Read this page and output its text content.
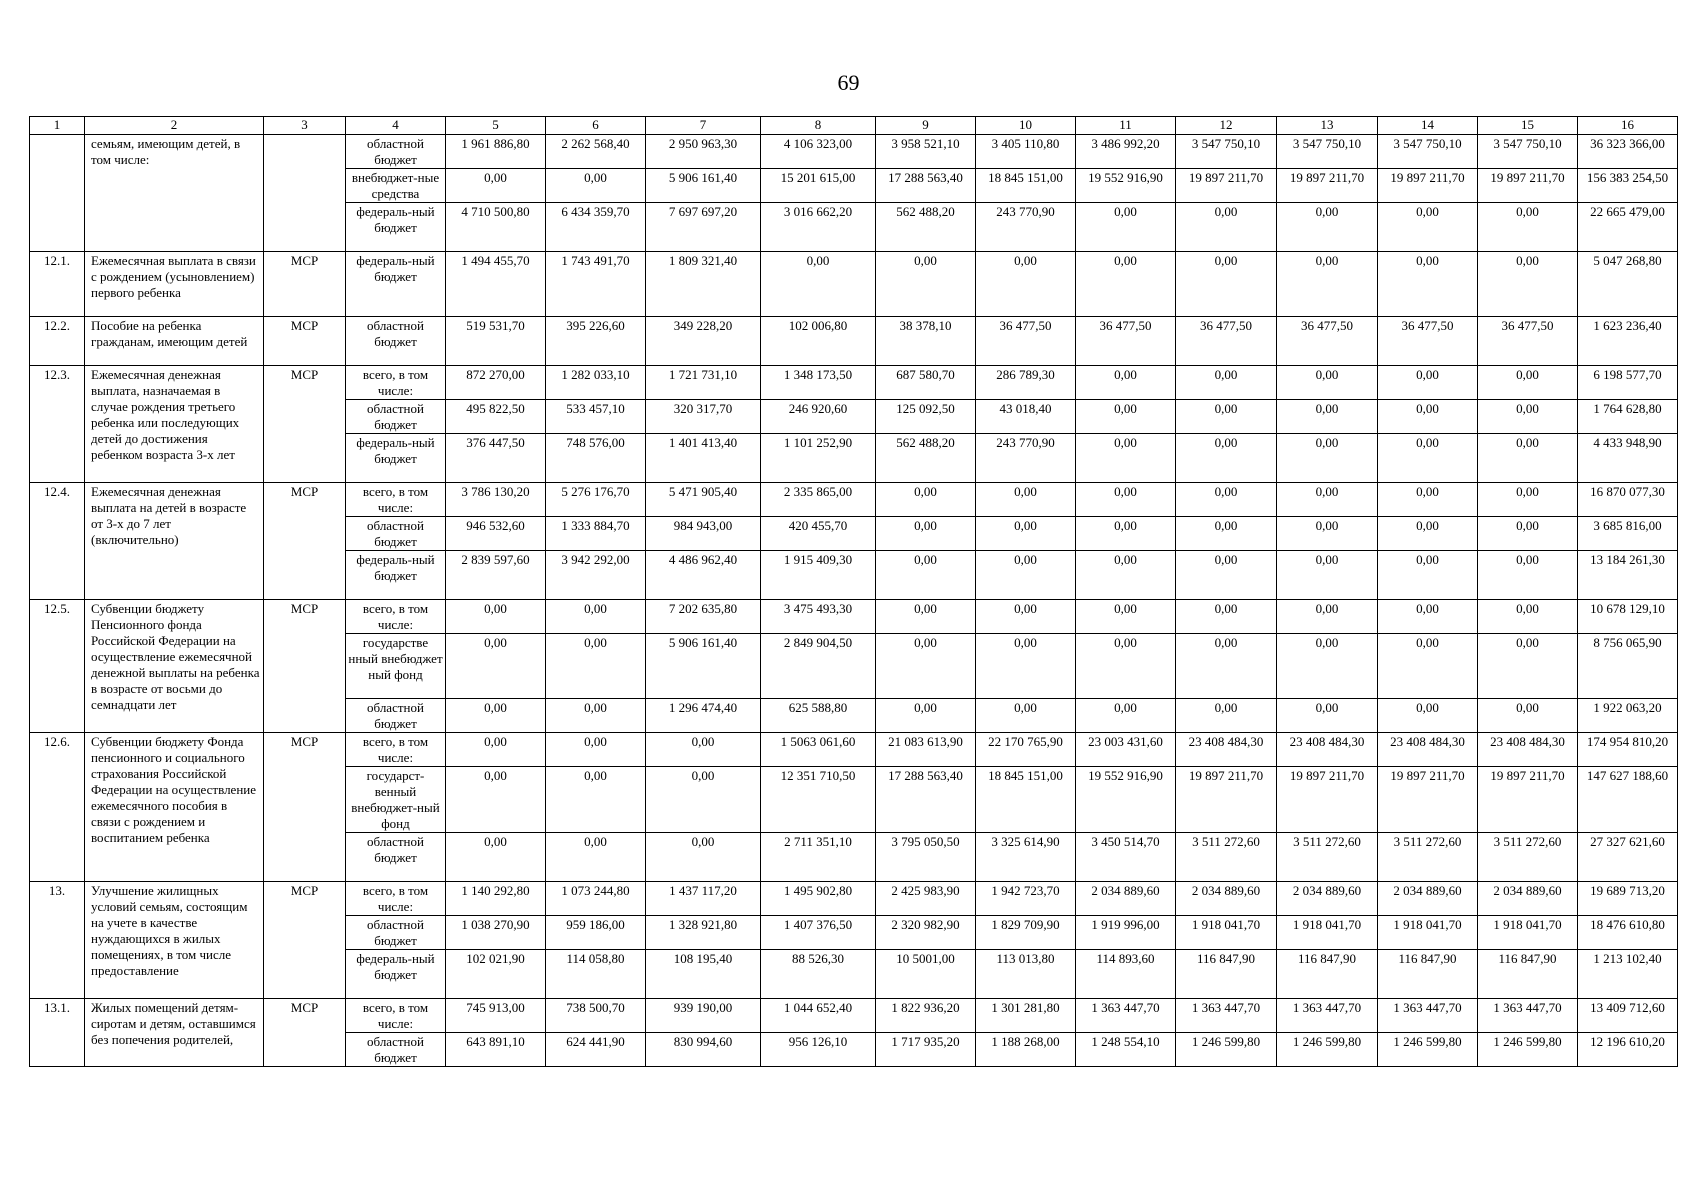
69
1	2	3	4	5	6	7	8	9	10	11	12	13	14	15	16
	семьям, имеющим детей, в том числе:		областной бюджет	1 961 886,80	2 262 568,40	2 950 963,30	4 106 323,00	3 958 521,10	3 405 110,80	3 486 992,20	3 547 750,10	3 547 750,10	3 547 750,10	3 547 750,10	36 323 366,00
			внебюджет-ные средства	0,00	0,00	5 906 161,40	15 201 615,00	17 288 563,40	18 845 151,00	19 552 916,90	19 897 211,70	19 897 211,70	19 897 211,70	19 897 211,70	156 383 254,50
			федераль-ный бюджет	4 710 500,80	6 434 359,70	7 697 697,20	3 016 662,20	562 488,20	243 770,90	0,00	0,00	0,00	0,00	0,00	22 665 479,00
12.1.	Ежемесячная выплата в связи с рождением (усыновлением) первого ребенка	МСР	федераль-ный бюджет	1 494 455,70	1 743 491,70	1 809 321,40	0,00	0,00	0,00	0,00	0,00	0,00	0,00	0,00	5 047 268,80
12.2.	Пособие на ребенка гражданам, имеющим детей	МСР	областной бюджет	519 531,70	395 226,60	349 228,20	102 006,80	38 378,10	36 477,50	36 477,50	36 477,50	36 477,50	36 477,50	36 477,50	1 623 236,40
12.3.	Ежемесячная денежная выплата, назначаемая в случае рождения третьего ребенка или последующих детей до достижения ребенком возраста 3-х лет	МСР	всего, в том числе:	872 270,00	1 282 033,10	1 721 731,10	1 348 173,50	687 580,70	286 789,30	0,00	0,00	0,00	0,00	0,00	6 198 577,70
			областной бюджет	495 822,50	533 457,10	320 317,70	246 920,60	125 092,50	43 018,40	0,00	0,00	0,00	0,00	0,00	1 764 628,80
			федераль-ный бюджет	376 447,50	748 576,00	1 401 413,40	1 101 252,90	562 488,20	243 770,90	0,00	0,00	0,00	0,00	0,00	4 433 948,90
12.4.	Ежемесячная денежная выплата на детей в возрасте от 3-х до 7 лет (включительно)	МСР	всего, в том числе:	3 786 130,20	5 276 176,70	5 471 905,40	2 335 865,00	0,00	0,00	0,00	0,00	0,00	0,00	0,00	16 870 077,30
			областной бюджет	946 532,60	1 333 884,70	984 943,00	420 455,70	0,00	0,00	0,00	0,00	0,00	0,00	0,00	3 685 816,00
			федераль-ный бюджет	2 839 597,60	3 942 292,00	4 486 962,40	1 915 409,30	0,00	0,00	0,00	0,00	0,00	0,00	0,00	13 184 261,30
12.5.	Субвенции бюджету Пенсионного фонда Российской Федерации на осуществление ежемесячной денежной выплаты на ребенка в возрасте от восьми до семнадцати лет	МСР	всего, в том числе:	0,00	0,00	7 202 635,80	3 475 493,30	0,00	0,00	0,00	0,00	0,00	0,00	0,00	10 678 129,10
			государстве нный внебюджет ный фонд	0,00	0,00	5 906 161,40	2 849 904,50	0,00	0,00	0,00	0,00	0,00	0,00	0,00	8 756 065,90
			областной бюджет	0,00	0,00	1 296 474,40	625 588,80	0,00	0,00	0,00	0,00	0,00	0,00	0,00	1 922 063,20
12.6.	Субвенции бюджету Фонда пенсионного и социального страхования Российской Федерации на осуществление ежемесячного пособия в связи с рождением и воспитанием ребенка	МСР	всего, в том числе:	0,00	0,00	0,00	1 5063 061,60	21 083 613,90	22 170 765,90	23 003 431,60	23 408 484,30	23 408 484,30	23 408 484,30	23 408 484,30	174 954 810,20
			государст-венный внебюджет-ный фонд	0,00	0,00	0,00	12 351 710,50	17 288 563,40	18 845 151,00	19 552 916,90	19 897 211,70	19 897 211,70	19 897 211,70	19 897 211,70	147 627 188,60
			областной бюджет	0,00	0,00	0,00	2 711 351,10	3 795 050,50	3 325 614,90	3 450 514,70	3 511 272,60	3 511 272,60	3 511 272,60	3 511 272,60	27 327 621,60
13.	Улучшение жилищных условий семьям, состоящим на учете в качестве нуждающихся в жилых помещениях, в том числе предоставление	МСР	всего, в том числе:	1 140 292,80	1 073 244,80	1 437 117,20	1 495 902,80	2 425 983,90	1 942 723,70	2 034 889,60	2 034 889,60	2 034 889,60	2 034 889,60	2 034 889,60	19 689 713,20
			областной бюджет	1 038 270,90	959 186,00	1 328 921,80	1 407 376,50	2 320 982,90	1 829 709,90	1 919 996,00	1 918 041,70	1 918 041,70	1 918 041,70	1 918 041,70	18 476 610,80
			федераль-ный бюджет	102 021,90	114 058,80	108 195,40	88 526,30	10 5001,00	113 013,80	114 893,60	116 847,90	116 847,90	116 847,90	116 847,90	1 213 102,40
13.1.	Жилых помещений детям-сиротам и детям, оставшимся без попечения родителей,	МСР	всего, в том числе:	745 913,00	738 500,70	939 190,00	1 044 652,40	1 822 936,20	1 301 281,80	1 363 447,70	1 363 447,70	1 363 447,70	1 363 447,70	1 363 447,70	13 409 712,60
			областной бюджет	643 891,10	624 441,90	830 994,60	956 126,10	1 717 935,20	1 188 268,00	1 248 554,10	1 246 599,80	1 246 599,80	1 246 599,80	1 246 599,80	12 196 610,20
